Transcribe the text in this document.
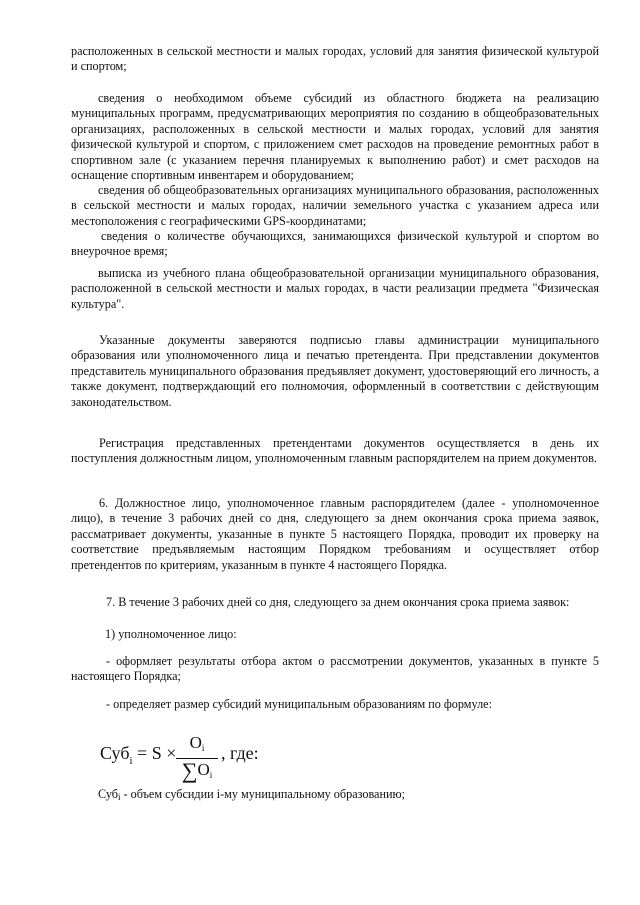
расположенных в сельской местности и малых городах, условий для занятия физической культурой и спортом;

сведения о необходимом объеме субсидий из областного бюджета на реализацию муниципальных программ, предусматривающих мероприятия по созданию в общеобразовательных организациях, расположенных в сельской местности и малых городах, условий для занятия физической культурой и спортом, с приложением смет расходов на проведение ремонтных работ в спортивном зале (с указанием перечня планируемых к выполнению работ) и смет расходов на оснащение спортивным инвентарем и оборудованием;

сведения об общеобразовательных организациях муниципального образования, расположенных в сельской местности и малых городах, наличии земельного участка с указанием адреса или местоположения с географическими GPS-координатами;

сведения о количестве обучающихся, занимающихся физической культурой и спортом во внеурочное время;

выписка из учебного плана общеобразовательной организации муниципального образования, расположенной в сельской местности и малых городах, в части реализации предмета "Физическая культура".

Указанные документы заверяются подписью главы администрации муниципального образования или уполномоченного лица и печатью претендента. При представлении документов представитель муниципального образования предъявляет документ, удостоверяющий его личность, а также документ, подтверждающий его полномочия, оформленный в соответствии с действующим законодательством.

Регистрация представленных претендентами документов осуществляется в день их поступления должностным лицом, уполномоченным главным распорядителем на прием документов.

6. Должностное лицо, уполномоченное главным распорядителем (далее - уполномоченное лицо), в течение 3 рабочих дней со дня, следующего за днем окончания срока приема заявок, рассматривает документы, указанные в пункте 5 настоящего Порядка, проводит их проверку на соответствие предъявляемым настоящим Порядком требованиям и осуществляет отбор претендентов по критериям, указанным в пункте 4 настоящего Порядка.

7. В течение 3 рабочих дней со дня, следующего за днем окончания срока приема заявок:

1) уполномоченное лицо:

- оформляет результаты отбора актом о рассмотрении документов, указанных в пункте 5 настоящего Порядка;

- определяет размер субсидий муниципальным образованиям по формуле:

Суб$_i$ = S ×
Oi
∑Oi
, где:

Субi - объем субсидии i-му муниципальному образованию;
